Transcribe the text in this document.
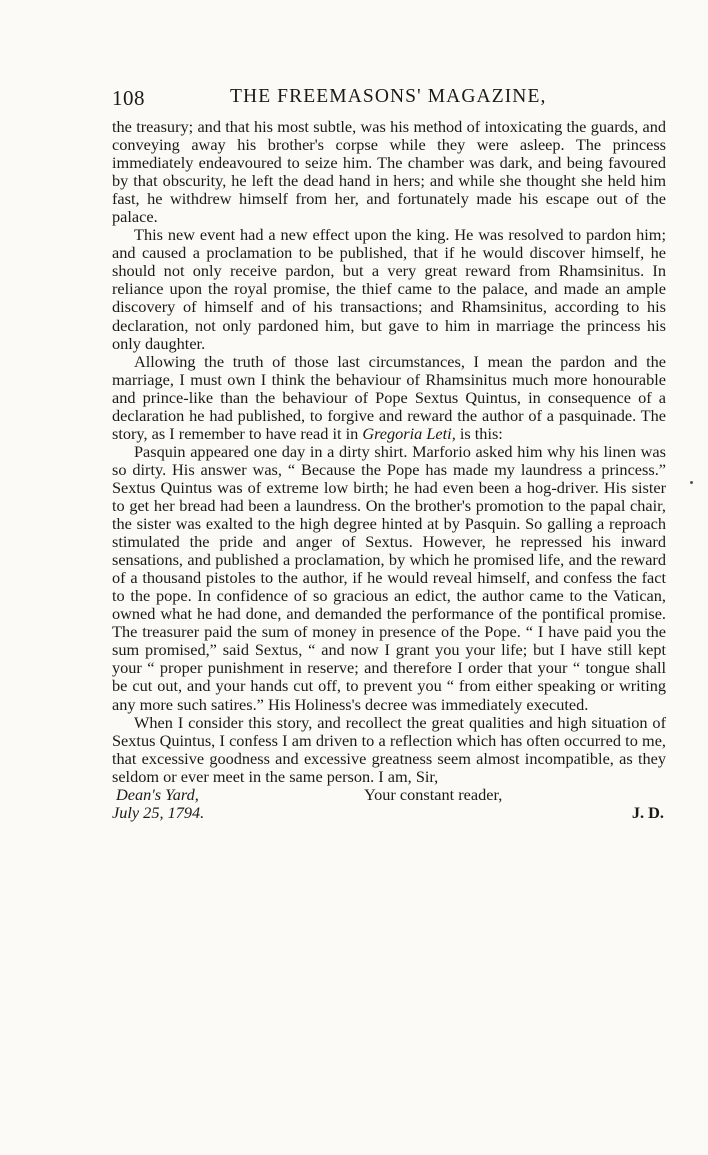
108	THE FREEMASONS' MAGAZINE,

the treasury; and that his most subtle, was his method of intoxicating the guards, and conveying away his brother's corpse while they were asleep. The princess immediately endeavoured to seize him. The chamber was dark, and being favoured by that obscurity, he left the dead hand in hers; and while she thought she held him fast, he withdrew himself from her, and fortunately made his escape out of the palace.

This new event had a new effect upon the king. He was resolved to pardon him; and caused a proclamation to be published, that if he would discover himself, he should not only receive pardon, but a very great reward from Rhamsinitus. In reliance upon the royal promise, the thief came to the palace, and made an ample discovery of himself and of his transactions; and Rhamsinitus, according to his declaration, not only pardoned him, but gave to him in marriage the princess his only daughter.

Allowing the truth of those last circumstances, I mean the pardon and the marriage, I must own I think the behaviour of Rhamsinitus much more honourable and prince-like than the behaviour of Pope Sextus Quintus, in consequence of a declaration he had published, to forgive and reward the author of a pasquinade. The story, as I remember to have read it in Gregoria Leti, is this:

Pasquin appeared one day in a dirty shirt. Marforio asked him why his linen was so dirty. His answer was, “ Because the Pope has made my laundress a princess.” Sextus Quintus was of extreme low birth; he had even been a hog-driver. His sister to get her bread had been a laundress. On the brother's promotion to the papal chair, the sister was exalted to the high degree hinted at by Pasquin. So galling a reproach stimulated the pride and anger of Sextus. However, he repressed his inward sensations, and published a proclamation, by which he promised life, and the reward of a thousand pistoles to the author, if he would reveal himself, and confess the fact to the pope. In confidence of so gracious an edict, the author came to the Vatican, owned what he had done, and demanded the performance of the pontifical promise. The treasurer paid the sum of money in presence of the Pope. “ I have paid you the sum promised,” said Sextus, “ and now I grant you your life; but I have still kept your “ proper punishment in reserve; and therefore I order that your “ tongue shall be cut out, and your hands cut off, to prevent you “ from either speaking or writing any more such satires.” His Holiness's decree was immediately executed.

When I consider this story, and recollect the great qualities and high situation of Sextus Quintus, I confess I am driven to a reflection which has often occurred to me, that excessive goodness and excessive greatness seem almost incompatible, as they seldom or ever meet in the same person. I am, Sir,

Dean's Yard,	Your constant reader,
July 25, 1794.	J. D.
